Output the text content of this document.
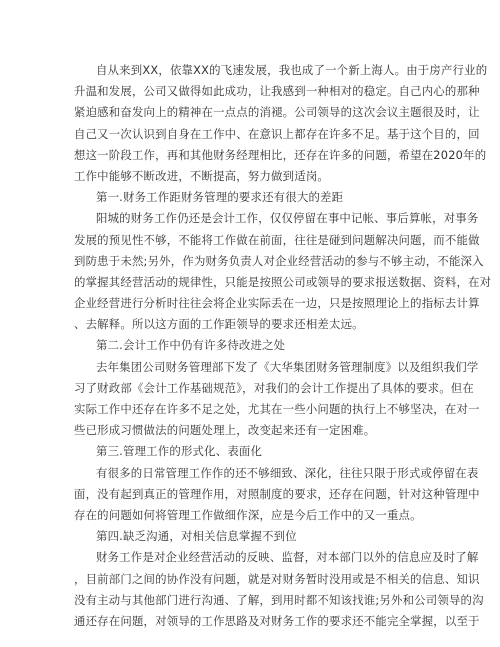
自从来到XX，依靠XX的飞速发展，我也成了一个新上海人。由于房产行业的
升温和发展，公司又做得如此成功，让我感到一种相对的稳定。自己内心的那种
紧迫感和奋发向上的精神在一点点的消褪。公司领导的这次会议主题很及时，让
自己又一次认识到自身在工作中、在意识上都存在许多不足。基于这个目的，回
想这一阶段工作，再和其他财务经理相比，还存在许多的问题，希望在2020年的
工作中能够不断改进，不断提高，努力做到适岗。
第一.财务工作距财务管理的要求还有很大的差距
阳城的财务工作仍还是会计工作，仅仅停留在事中记帐、事后算帐，对事务
发展的预见性不够，不能将工作做在前面，往往是碰到问题解决问题，而不能做
到防患于未然;另外，作为财务负责人对企业经营活动的参与不够主动，不能深入
的掌握其经营活动的规律性，只能是按照公司或领导的要求报送数据、资料，在对
企业经营进行分析时往往会将企业实际丢在一边，只是按照理论上的指标去计算
、去解释。所以这方面的工作距领导的要求还相差太远。
第二.会计工作中仍有许多待改进之处
去年集团公司财务管理部下发了《大华集团财务管理制度》以及组织我们学
习了财政部《会计工作基础规范》，对我们的会计工作提出了具体的要求。但在
实际工作中还存在许多不足之处，尤其在一些小问题的执行上不够坚决，在对一
些已形成习惯做法的问题处理上，改变起来还有一定困难。
第三.管理工作的形式化、表面化
有很多的日常管理工作作的还不够细致、深化，往往只限于形式或停留在表
面，没有起到真正的管理作用，对照制度的要求，还存在问题，针对这种管理中
存在的问题如何将管理工作做细作深，应是今后工作中的又一重点。
第四.缺乏沟通，对相关信息掌握不到位
财务工作是对企业经营活动的反映、监督，对本部门以外的信息应及时了解
，目前部门之间的协作没有问题，就是对财务暂时没用或是不相关的信息、知识
没有主动与其他部门进行沟通、了解，到用时都不知该找谁;另外和公司领导的沟
通还存在问题，对领导的工作思路及对财务工作的要求还不能完全掌握，以至于
